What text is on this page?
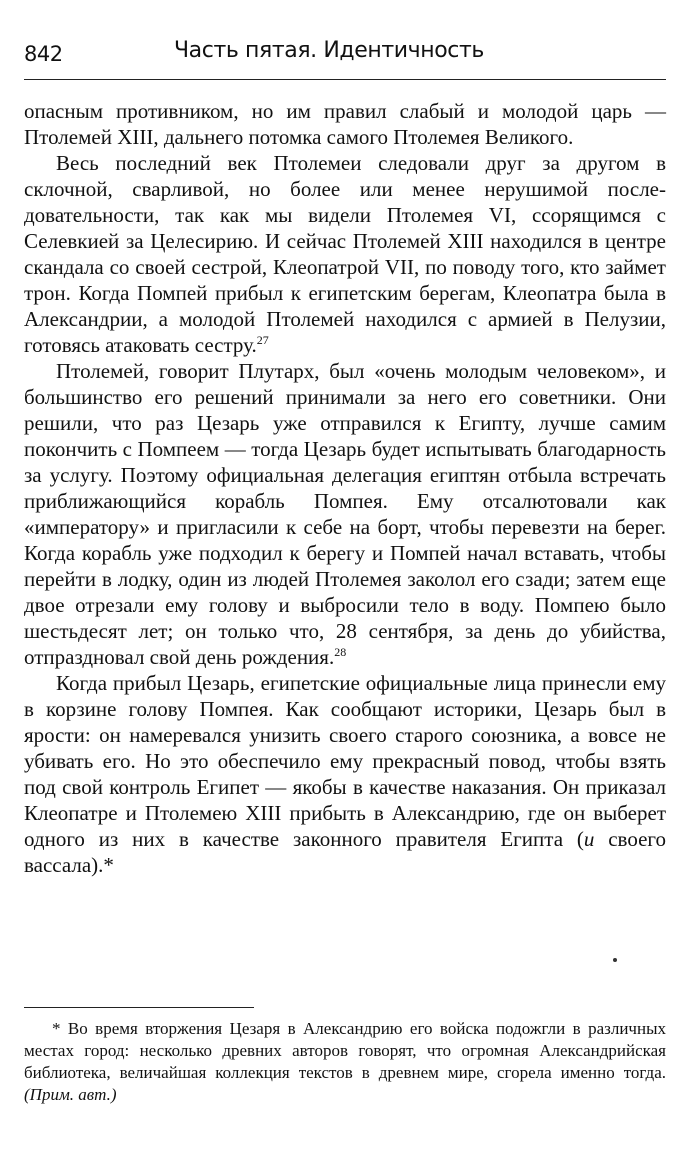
842	Часть пятая. Идентичность

опасным противником, но им правил слабый и молодой царь — Птолемей XIII, дальнего потомка самого Птолемея Великого.

Весь последний век Птолемеи следовали друг за другом в склочной, сварливой, но более или менее нерушимой последовательности, так как мы видели Птолемея VI, ссорящимся с Селевкией за Целесирию. И сейчас Птолемей XIII находился в центре скандала со своей сестрой, Клеопатрой VII, по поводу того, кто займет трон. Когда Помпей прибыл к египетским берегам, Клеопатра была в Александрии, а молодой Птолемей находился с армией в Пелузии, готовясь атаковать сестру.$^{27}$

Птолемей, говорит Плутарх, был «очень молодым человеком», и большинство его решений принимали за него его советники. Они решили, что раз Цезарь уже отправился к Египту, лучше самим покончить с Помпеем — тогда Цезарь будет испытывать благодарность за услугу. Поэтому официальная делегация египтян отбыла встречать приближающийся корабль Помпея. Ему отсалютовали как «императору» и пригласили к себе на борт, чтобы перевезти на берег. Когда корабль уже подходил к берегу и Помпей начал вставать, чтобы перейти в лодку, один из людей Птолемея заколол его сзади; затем еще двое отрезали ему голову и выбросили тело в воду. Помпею было шестьдесят лет; он только что, 28 сентября, за день до убийства, отпраздновал свой день рождения.$^{28}$

Когда прибыл Цезарь, египетские официальные лица принесли ему в корзине голову Помпея. Как сообщают историки, Цезарь был в ярости: он намеревался унизить своего старого союзника, а вовсе не убивать его. Но это обеспечило ему прекрасный повод, чтобы взять под свой контроль Египет — якобы в качестве наказания. Он приказал Клеопатре и Птолемею XIII прибыть в Александрию, где он выберет одного из них в качестве законного правителя Египта (и своего вассала).*

* Во время вторжения Цезаря в Александрию его войска подожгли в различных местах город: несколько древних авторов говорят, что огромная Александрийская библиотека, величайшая коллекция текстов в древнем мире, сгорела именно тогда. (Прим. авт.)
